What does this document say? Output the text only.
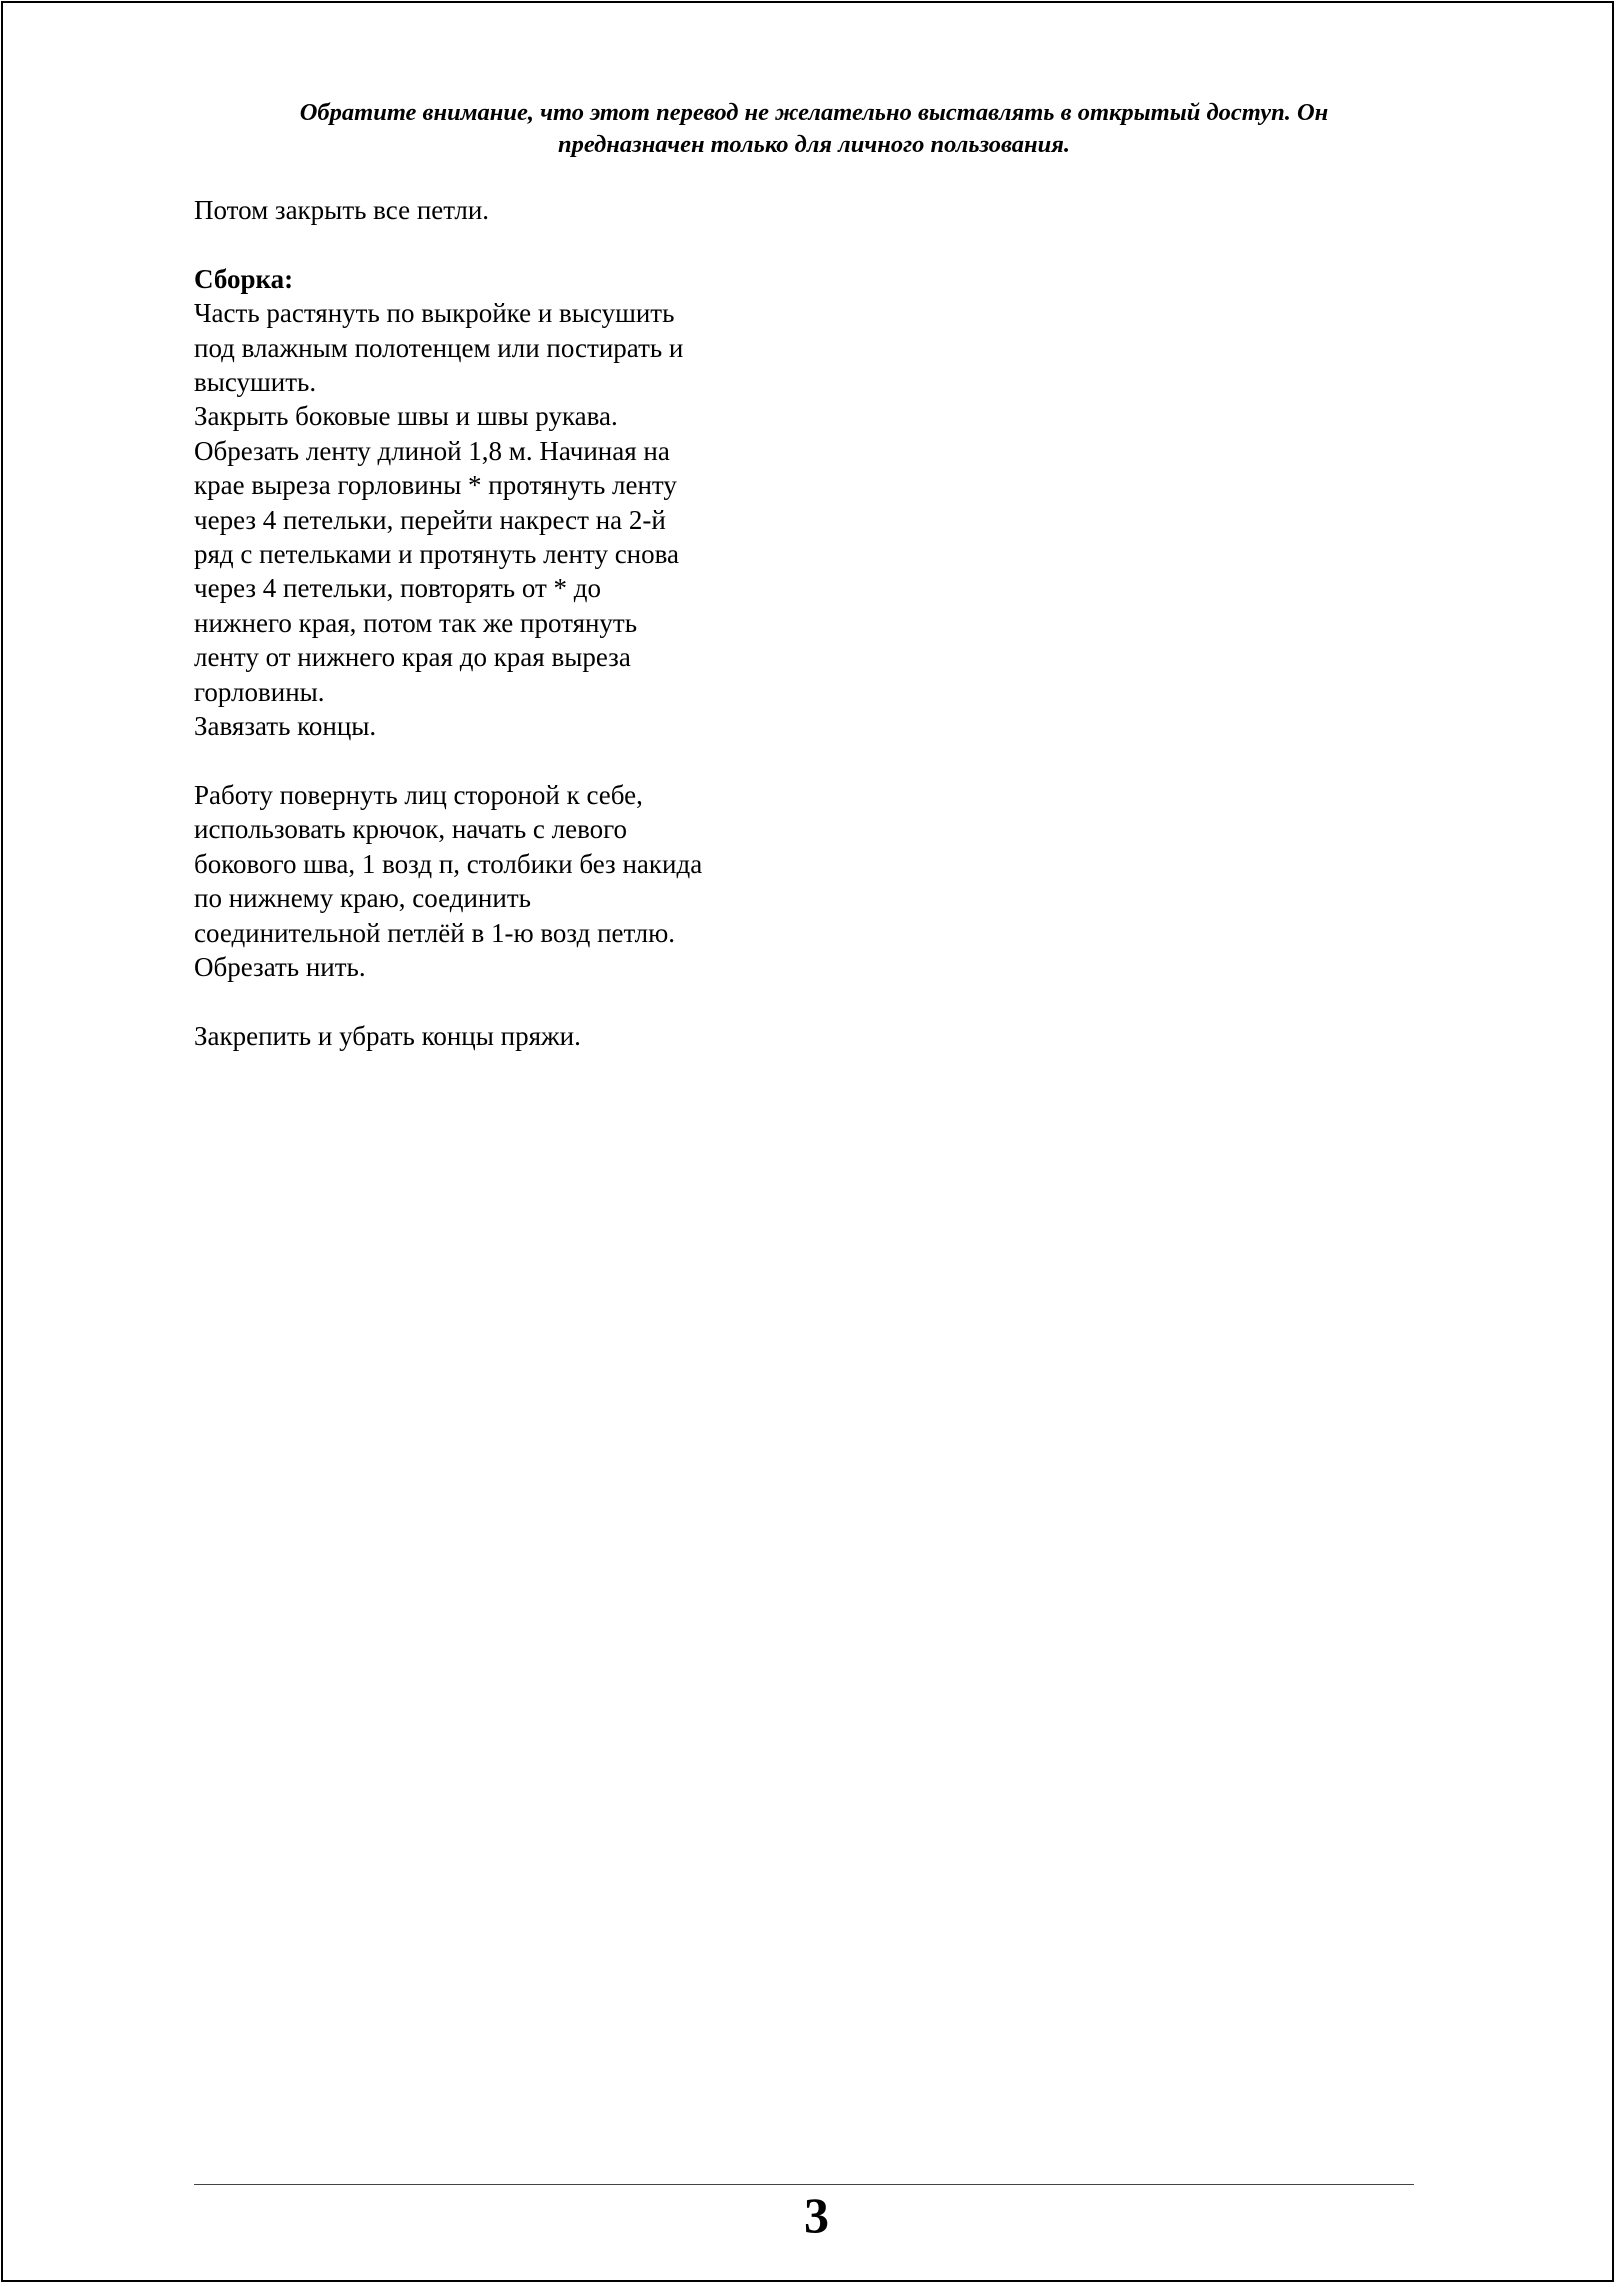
Обратите внимание, что этот перевод не желательно выставлять в открытый доступ. Он
предназначен только для личного пользования.

Потом закрыть все петли.

Сборка:

Часть растянуть по выкройке и высушить
под влажным полотенцем или постирать и
высушить.
Закрыть боковые швы и швы рукава.
Обрезать ленту длиной 1,8 м. Начиная на
крае выреза горловины * протянуть ленту
через 4 петельки, перейти накрест на 2-й
ряд с петельками и протянуть ленту снова
через 4 петельки, повторять от * до
нижнего края, потом так же протянуть
ленту от нижнего края до края выреза
горловины.
Завязать концы.
Работу повернуть лиц стороной к себе,
использовать крючок, начать с левого
бокового шва, 1 возд п, столбики без накида
по нижнему краю, соединить
соединительной петлёй в 1-ю возд петлю.
Обрезать нить.

Закрепить и убрать концы пряжи.

3
